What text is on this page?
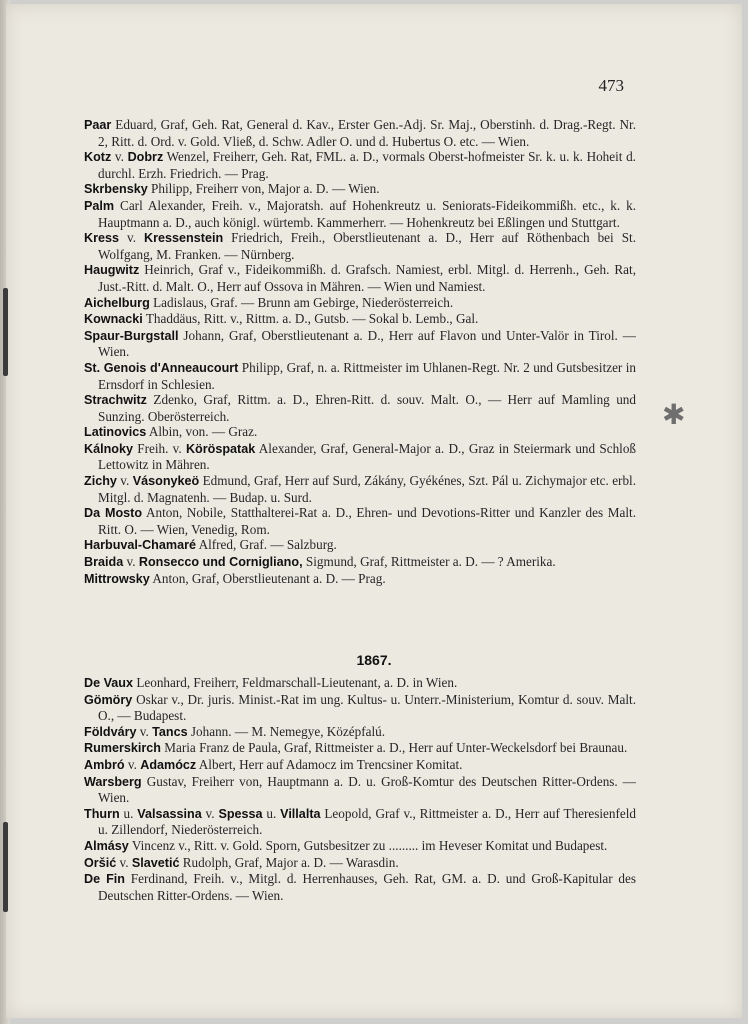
473
✱
Paar Eduard, Graf, Geh. Rat, General d. Kav., Erster Gen.-Adj. Sr. Maj., Oberstinh. d. Drag.-Regt. Nr. 2, Ritt. d. Ord. v. Gold. Vließ, d. Schw. Adler O. und d. Hubertus O. etc. — Wien.
Kotz v. Dobrz Wenzel, Freiherr, Geh. Rat, FML. a. D., vormals Oberst-hofmeister Sr. k. u. k. Hoheit d. durchl. Erzh. Friedrich. — Prag.
Skrbensky Philipp, Freiherr von, Major a. D. — Wien.
Palm Carl Alexander, Freih. v., Majoratsh. auf Hohenkreutz u. Seniorats-Fideikommißh. etc., k. k. Hauptmann a. D., auch königl. würtemb. Kammerherr. — Hohenkreutz bei Eßlingen und Stuttgart.
Kress v. Kressenstein Friedrich, Freih., Oberstlieutenant a. D., Herr auf Röthenbach bei St. Wolfgang, M. Franken. — Nürnberg.
Haugwitz Heinrich, Graf v., Fideikommißh. d. Grafsch. Namiest, erbl. Mitgl. d. Herrenh., Geh. Rat, Just.-Ritt. d. Malt. O., Herr auf Ossova in Mähren. — Wien und Namiest.
Aichelburg Ladislaus, Graf. — Brunn am Gebirge, Niederösterreich.
Kownacki Thaddäus, Ritt. v., Rittm. a. D., Gutsb. — Sokal b. Lemb., Gal.
Spaur-Burgstall Johann, Graf, Oberstlieutenant a. D., Herr auf Flavon und Unter-Valör in Tirol. — Wien.
St. Genois d'Anneaucourt Philipp, Graf, n. a. Rittmeister im Uhlanen-Regt. Nr. 2 und Gutsbesitzer in Ernsdorf in Schlesien.
Strachwitz Zdenko, Graf, Rittm. a. D., Ehren-Ritt. d. souv. Malt. O., — Herr auf Mamling und Sunzing. Oberösterreich.
Latinovics Albin, von. — Graz.
Kálnoky Freih. v. Köröspatak Alexander, Graf, General-Major a. D., Graz in Steiermark und Schloß Lettowitz in Mähren.
Zichy v. Vásonykeö Edmund, Graf, Herr auf Surd, Zákány, Gyékénes, Szt. Pál u. Zichymajor etc. erbl. Mitgl. d. Magnatenh. — Budap. u. Surd.
Da Mosto Anton, Nobile, Statthalterei-Rat a. D., Ehren- und Devotions-Ritter und Kanzler des Malt. Ritt. O. — Wien, Venedig, Rom.
Harbuval-Chamaré Alfred, Graf. — Salzburg.
Braida v. Ronsecco und Cornigliano, Sigmund, Graf, Rittmeister a. D. — ? Amerika.
Mittrowsky Anton, Graf, Oberstlieutenant a. D. — Prag.
1867.
De Vaux Leonhard, Freiherr, Feldmarschall-Lieutenant, a. D. in Wien.
Gömöry Oskar v., Dr. juris. Minist.-Rat im ung. Kultus- u. Unterr.-Ministerium, Komtur d. souv. Malt. O., — Budapest.
Földváry v. Tancs Johann. — M. Nemegye, Középfalú.
Rumerskirch Maria Franz de Paula, Graf, Rittmeister a. D., Herr auf Unter-Weckelsdorf bei Braunau.
Ambró v. Adamócz Albert, Herr auf Adamocz im Trencsiner Komitat.
Warsberg Gustav, Freiherr von, Hauptmann a. D. u. Groß-Komtur des Deutschen Ritter-Ordens. — Wien.
Thurn u. Valsassina v. Spessa u. Villalta Leopold, Graf v., Rittmeister a. D., Herr auf Theresienfeld u. Zillendorf, Niederösterreich.
Almásy Vincenz v., Ritt. v. Gold. Sporn, Gutsbesitzer zu ......... im Heveser Komitat und Budapest.
Oršić v. Slavetić Rudolph, Graf, Major a. D. — Warasdin.
De Fin Ferdinand, Freih. v., Mitgl. d. Herrenhauses, Geh. Rat, GM. a. D. und Groß-Kapitular des Deutschen Ritter-Ordens. — Wien.
